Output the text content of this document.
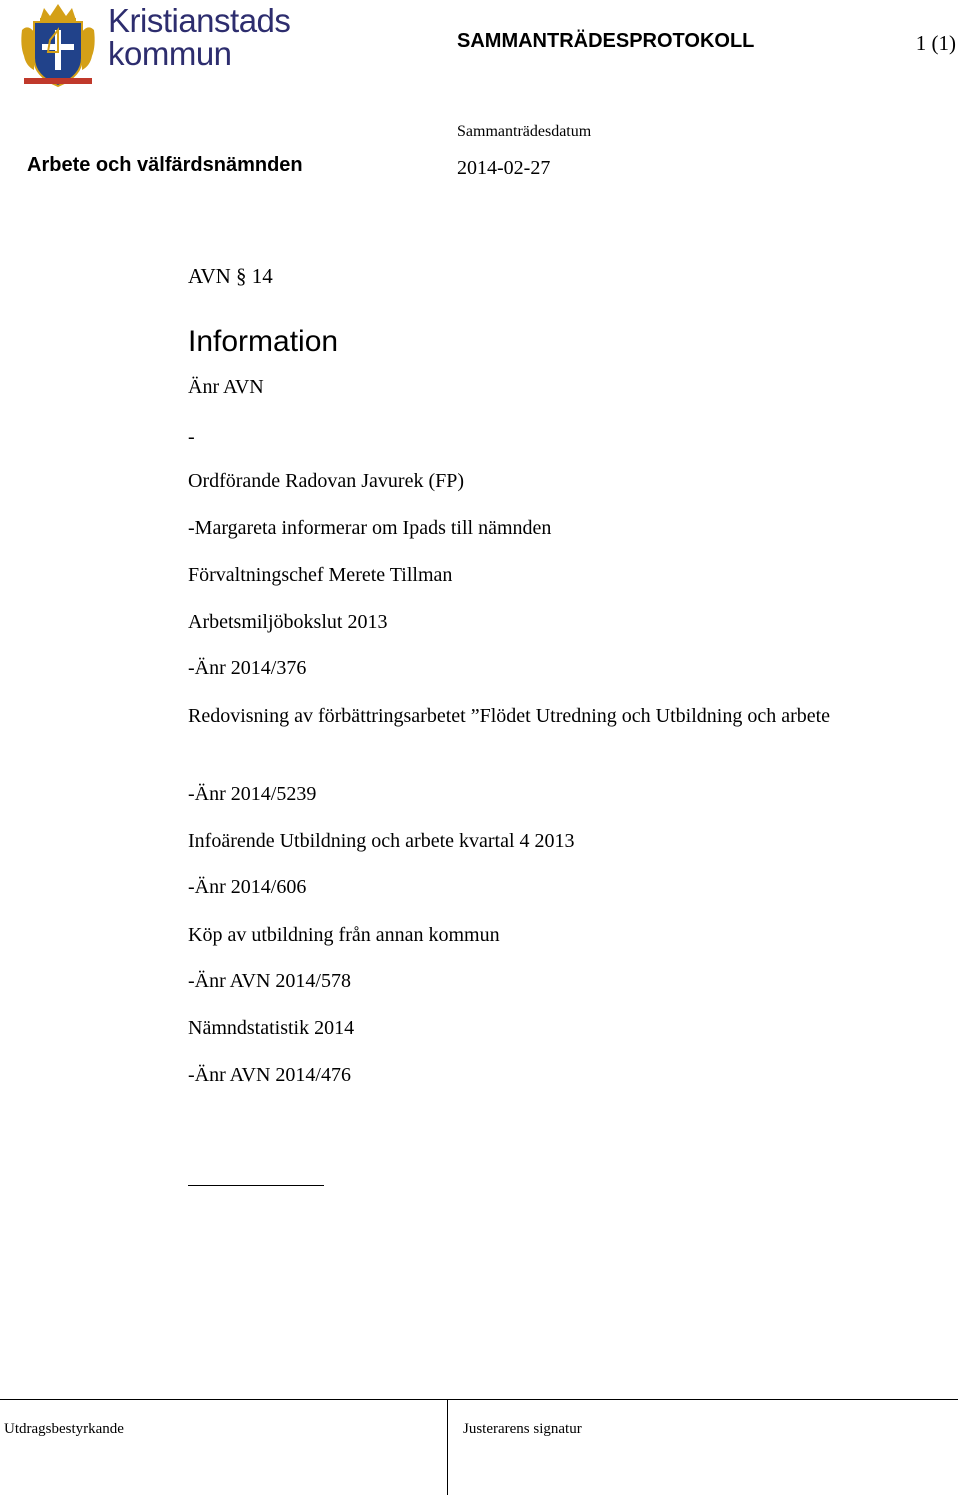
Kristianstads
kommun	SAMMANTRÄDESPROTOKOLL	1 (1)
Arbete och välfärdsnämnden
Sammanträdesdatum
2014-02-27
AVN § 14
Information
Änr AVN
-
Ordförande Radovan Javurek (FP)
-Margareta informerar om Ipads till nämnden
Förvaltningschef Merete Tillman
Arbetsmiljöbokslut 2013
-Änr 2014/376
Redovisning av förbättringsarbetet ”Flödet Utredning och Utbildning och arbete
-Änr 2014/5239
Infoärende Utbildning och arbete kvartal 4 2013
-Änr 2014/606
Köp av utbildning från annan kommun
-Änr AVN 2014/578
Nämndstatistik 2014
-Änr AVN 2014/476
Utdragsbestyrkande	Justerarens signatur
